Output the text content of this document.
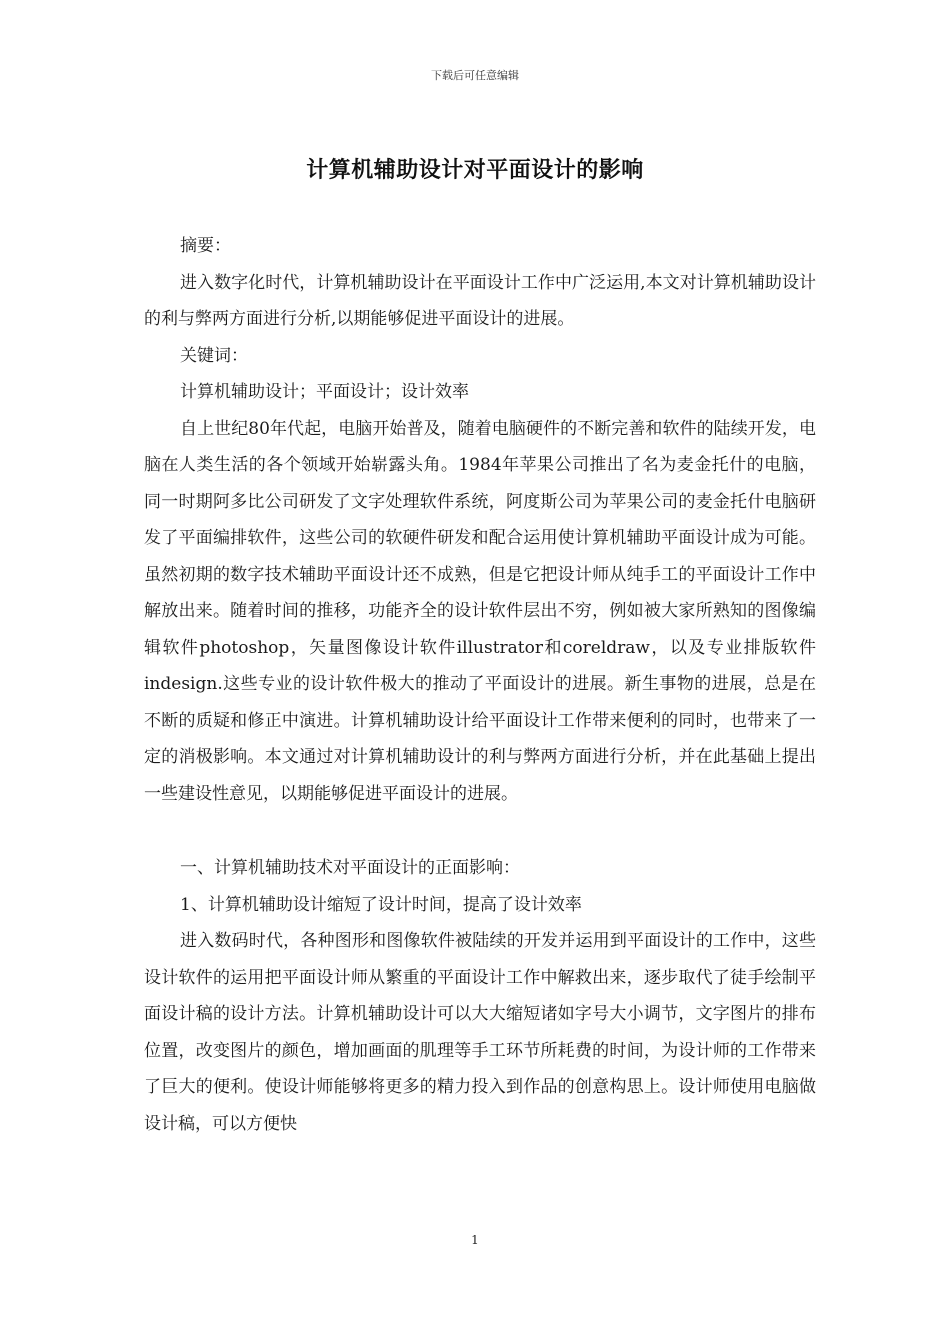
下载后可任意编辑
计算机辅助设计对平面设计的影响

摘要：

进入数字化时代，计算机辅助设计在平面设计工作中广泛运用,本文对计算机辅助设计的利与弊两方面进行分析,以期能够促进平面设计的进展。

关键词：

计算机辅助设计；平面设计；设计效率

自上世纪80年代起，电脑开始普及，随着电脑硬件的不断完善和软件的陆续开发，电脑在人类生活的各个领域开始崭露头角。1984年苹果公司推出了名为麦金托什的电脑，同一时期阿多比公司研发了文字处理软件系统，阿度斯公司为苹果公司的麦金托什电脑研发了平面编排软件，这些公司的软硬件研发和配合运用使计算机辅助平面设计成为可能。虽然初期的数字技术辅助平面设计还不成熟，但是它把设计师从纯手工的平面设计工作中解放出来。随着时间的推移，功能齐全的设计软件层出不穷，例如被大家所熟知的图像编辑软件photoshop，矢量图像设计软件illustrator和coreldraw，以及专业排版软件indesign.这些专业的设计软件极大的推动了平面设计的进展。新生事物的进展，总是在不断的质疑和修正中演进。计算机辅助设计给平面设计工作带来便利的同时，也带来了一定的消极影响。本文通过对计算机辅助设计的利与弊两方面进行分析，并在此基础上提出一些建设性意见，以期能够促进平面设计的进展。

一、计算机辅助技术对平面设计的正面影响：

1、计算机辅助设计缩短了设计时间，提高了设计效率

进入数码时代，各种图形和图像软件被陆续的开发并运用到平面设计的工作中，这些设计软件的运用把平面设计师从繁重的平面设计工作中解救出来，逐步取代了徒手绘制平面设计稿的设计方法。计算机辅助设计可以大大缩短诸如字号大小调节，文字图片的排布位置，改变图片的颜色，增加画面的肌理等手工环节所耗费的时间，为设计师的工作带来了巨大的便利。使设计师能够将更多的精力投入到作品的创意构思上。设计师使用电脑做设计稿，可以方便快

1
